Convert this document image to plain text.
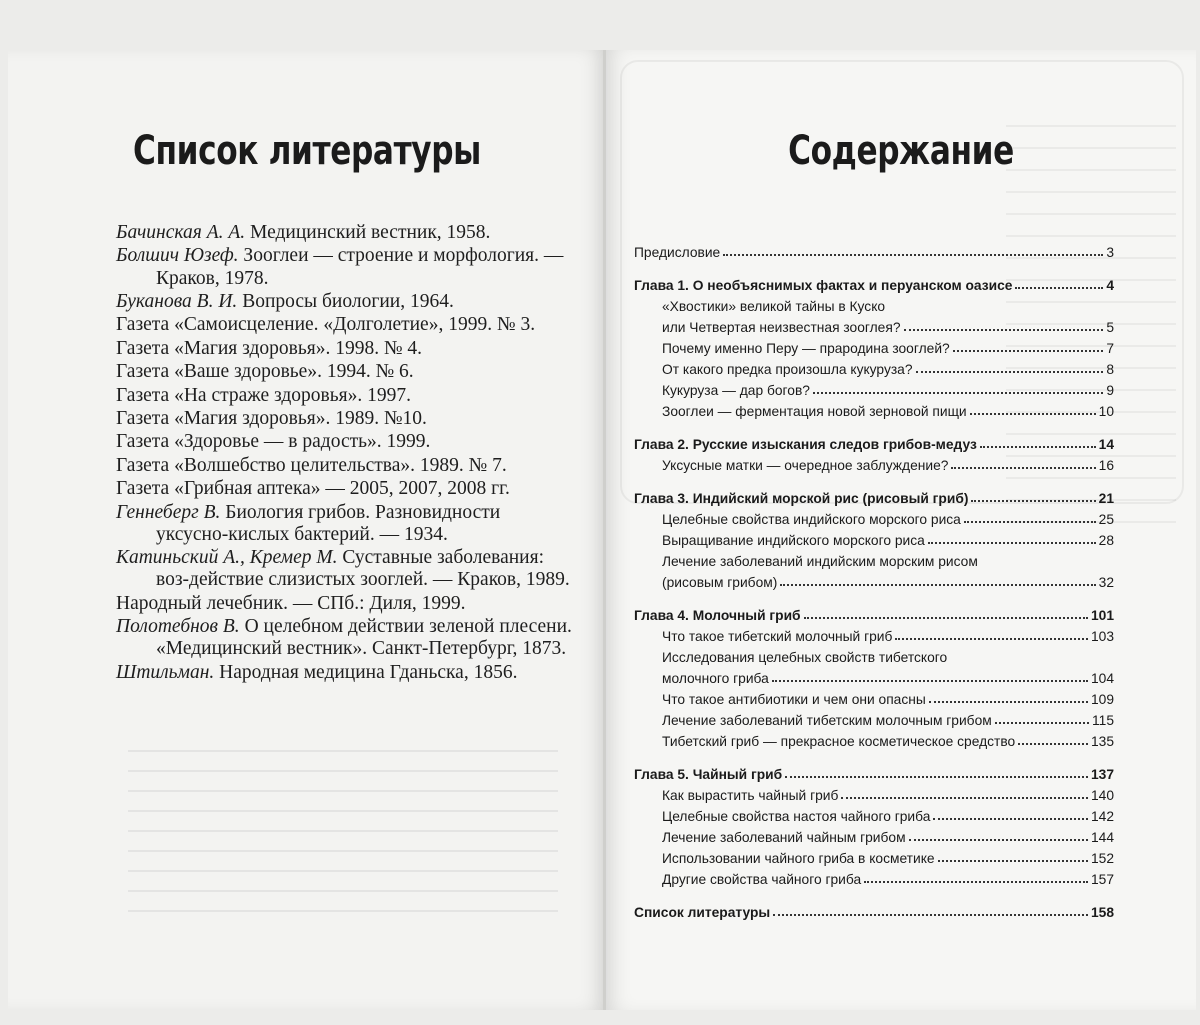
Список литературы
Бачинская А. А. Медицинский вестник, 1958.
Болшич Юзеф. Зооглеи — строение и морфология. — Краков, 1978.
Буканова В. И. Вопросы биологии, 1964.
Газета «Самоисцеление. «Долголетие», 1999. № 3.
Газета «Магия здоровья». 1998. № 4.
Газета «Ваше здоровье». 1994. № 6.
Газета «На страже здоровья». 1997.
Газета «Магия здоровья». 1989. №10.
Газета «Здоровье — в радость». 1999.
Газета «Волшебство целительства». 1989. № 7.
Газета «Грибная аптека» — 2005, 2007, 2008 гг.
Геннеберг В. Биология грибов. Разновидности уксусно-кислых бактерий. — 1934.
Катиньский А., Кремер М. Суставные заболевания: воз-действие слизистых зооглей. — Краков, 1989.
Народный лечебник. — СПб.: Диля, 1999.
Полотебнов В. О целебном действии зеленой плесени. «Медицинский вестник». Санкт-Петербург, 1873.
Штильман. Народная медицина Гданьска, 1856.
Содержание
Предисловие	3
Глава 1. О необъяснимых фактах и перуанском оазисе	4
«Хвостики» великой тайны в Куско
или Четвертая неизвестная зооглея?	5
Почему именно Перу — прародина зооглей?	7
От какого предка произошла кукуруза?	8
Кукуруза — дар богов?	9
Зооглеи — ферментация новой зерновой пищи	10
Глава 2. Русские изыскания следов грибов-медуз	14
Уксусные матки — очередное заблуждение?	16
Глава 3. Индийский морской рис (рисовый гриб)	21
Целебные свойства индийского морского риса	25
Выращивание индийского морского риса	28
Лечение заболеваний индийским морским рисом
(рисовым грибом)	32
Глава 4. Молочный гриб	101
Что такое тибетский молочный гриб	103
Исследования целебных свойств тибетского
молочного гриба	104
Что такое антибиотики и чем они опасны	109
Лечение заболеваний тибетским молочным грибом	115
Тибетский гриб — прекрасное косметическое средство	135
Глава 5. Чайный гриб	137
Как вырастить чайный гриб	140
Целебные свойства настоя чайного гриба	142
Лечение заболеваний чайным грибом	144
Использовании чайного гриба в косметике	152
Другие свойства чайного гриба	157
Список литературы	158
